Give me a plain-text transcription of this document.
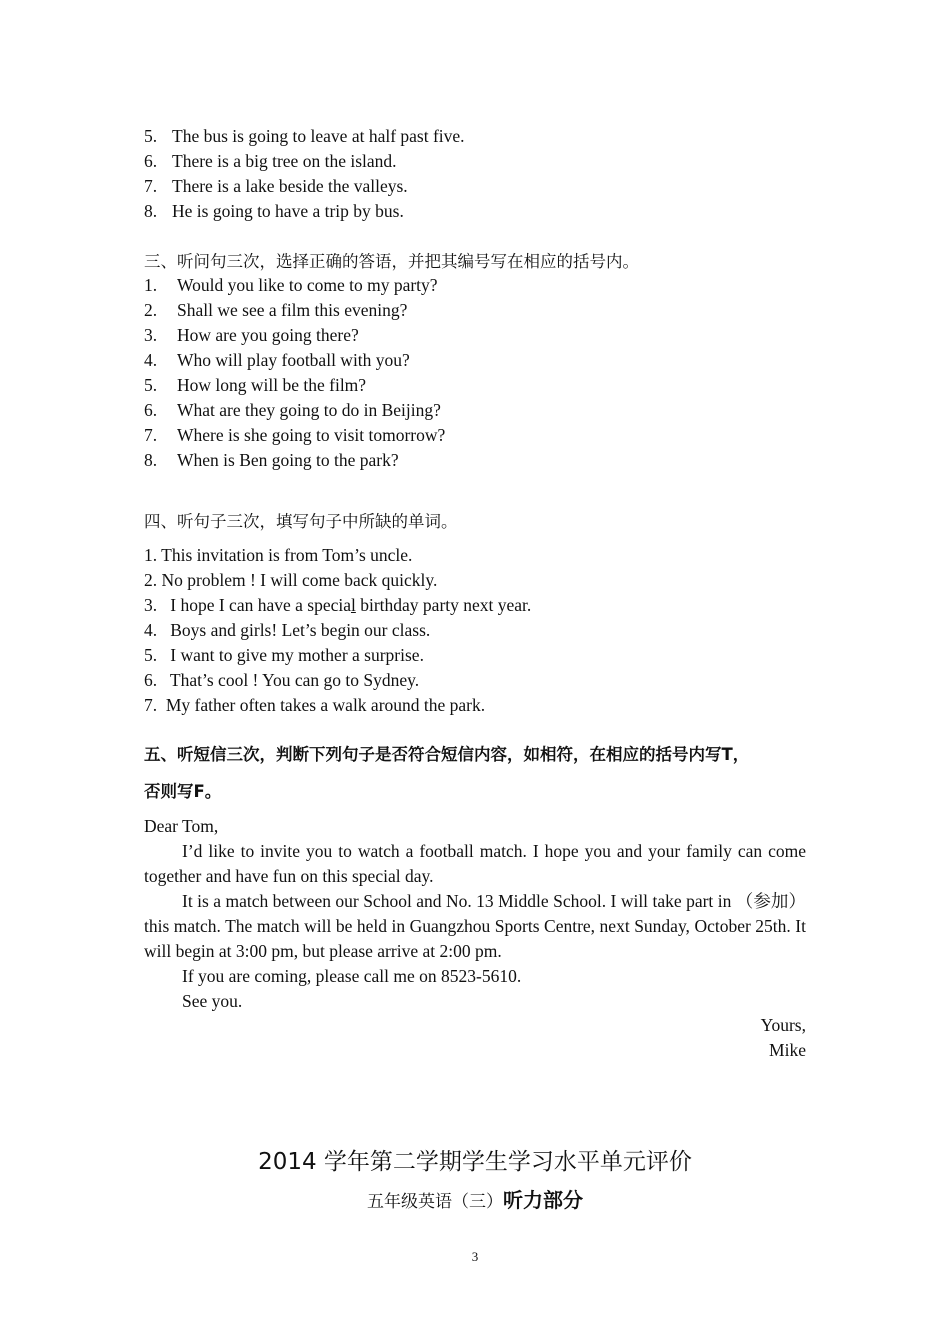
5. The bus is going to leave at half past five.
6. There is a big tree on the island.
7. There is a lake beside the valleys.
8. He is going to have a trip by bus.
三、听问句三次，选择正确的答语，并把其编号写在相应的括号内。
1. Would you like to come to my party?
2. Shall we see a film this evening?
3. How are you going there?
4. Who will play football with you?
5. How long will be the film?
6. What are they going to do in Beijing?
7. Where is she going to visit tomorrow?
8. When is Ben going to the park?
四、听句子三次，填写句子中所缺的单词。
1. This invitation is from Tom’s uncle.
2. No problem ! I will come back quickly.
3.   I hope I can have a special birthday party next year.
4.   Boys and girls! Let’s begin our class.
5.   I want to give my mother a surprise.
6.   That’s cool ! You can go to Sydney.
7.  My father often takes a walk around the park.
五、听短信三次，判断下列句子是否符合短信内容，如相符，在相应的括号内写T，
否则写F。
Dear Tom,
I’d like to invite you to watch a football match. I hope you and your family can come together and have fun on this special day.
It is a match between our School and No. 13 Middle School. I will take part in （参加）this match. The match will be held in Guangzhou Sports Centre, next Sunday, October 25th. It will begin at 3:00 pm, but please arrive at 2:00 pm.
If you are coming, please call me on 8523-5610.
See you.
Yours,
Mike
2014 学年第二学期学生学习水平单元评价
五年级英语（三）听力部分
3
